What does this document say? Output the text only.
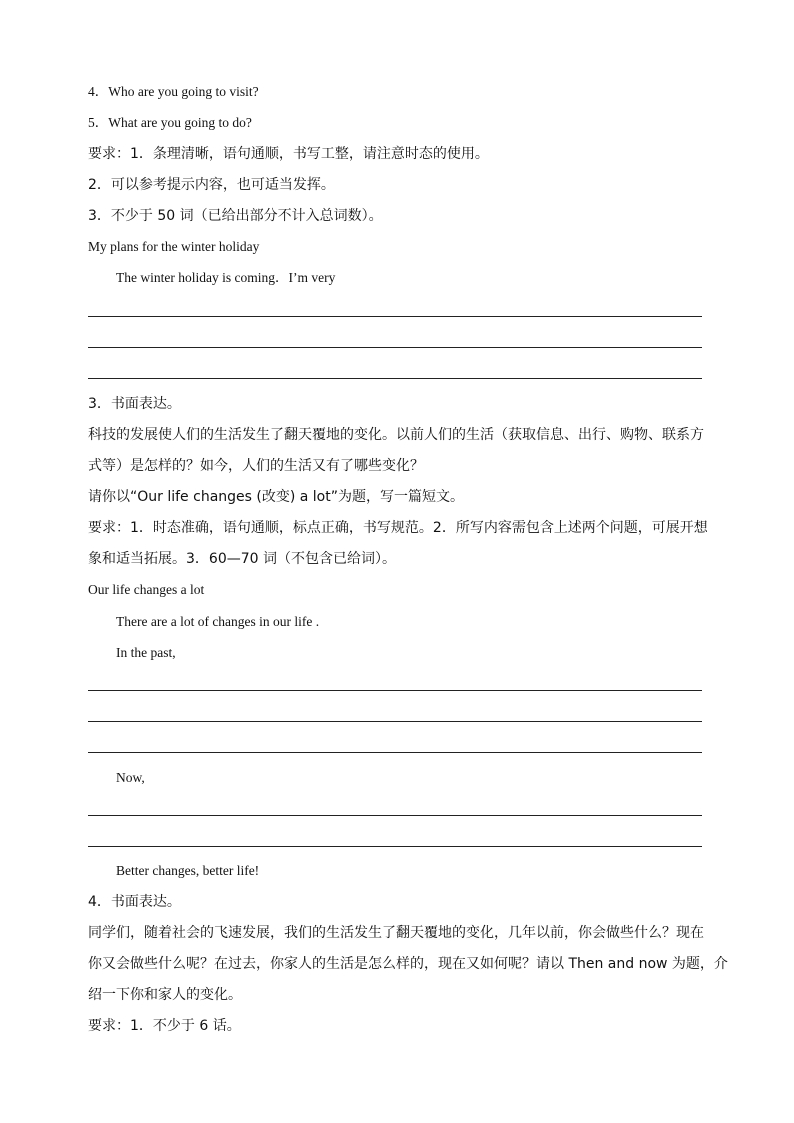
4．Who are you going to visit?
5．What are you going to do?
要求：1．条理清晰，语句通顺，书写工整，请注意时态的使用。
2．可以参考提示内容，也可适当发挥。
3．不少于 50 词（已给出部分不计入总词数）。
My plans for the winter holiday
The winter holiday is coming．I’m very
3．书面表达。
科技的发展使人们的生活发生了翻天覆地的变化。以前人们的生活（获取信息、出行、购物、联系方
式等）是怎样的？如今，人们的生活又有了哪些变化？
请你以“Our life changes (改变) a lot”为题，写一篇短文。
要求：1．时态准确，语句通顺，标点正确，书写规范。2．所写内容需包含上述两个问题，可展开想
象和适当拓展。3．60—70 词（不包含已给词）。
Our life changes a lot
There are a lot of changes in our life .
In the past,
Now,
Better changes, better life!
4．书面表达。
同学们，随着社会的飞速发展，我们的生活发生了翻天覆地的变化，几年以前，你会做些什么？现在
你又会做些什么呢？在过去，你家人的生活是怎么样的，现在又如何呢？请以 Then and now 为题，介
绍一下你和家人的变化。
要求：1．不少于 6 话。
